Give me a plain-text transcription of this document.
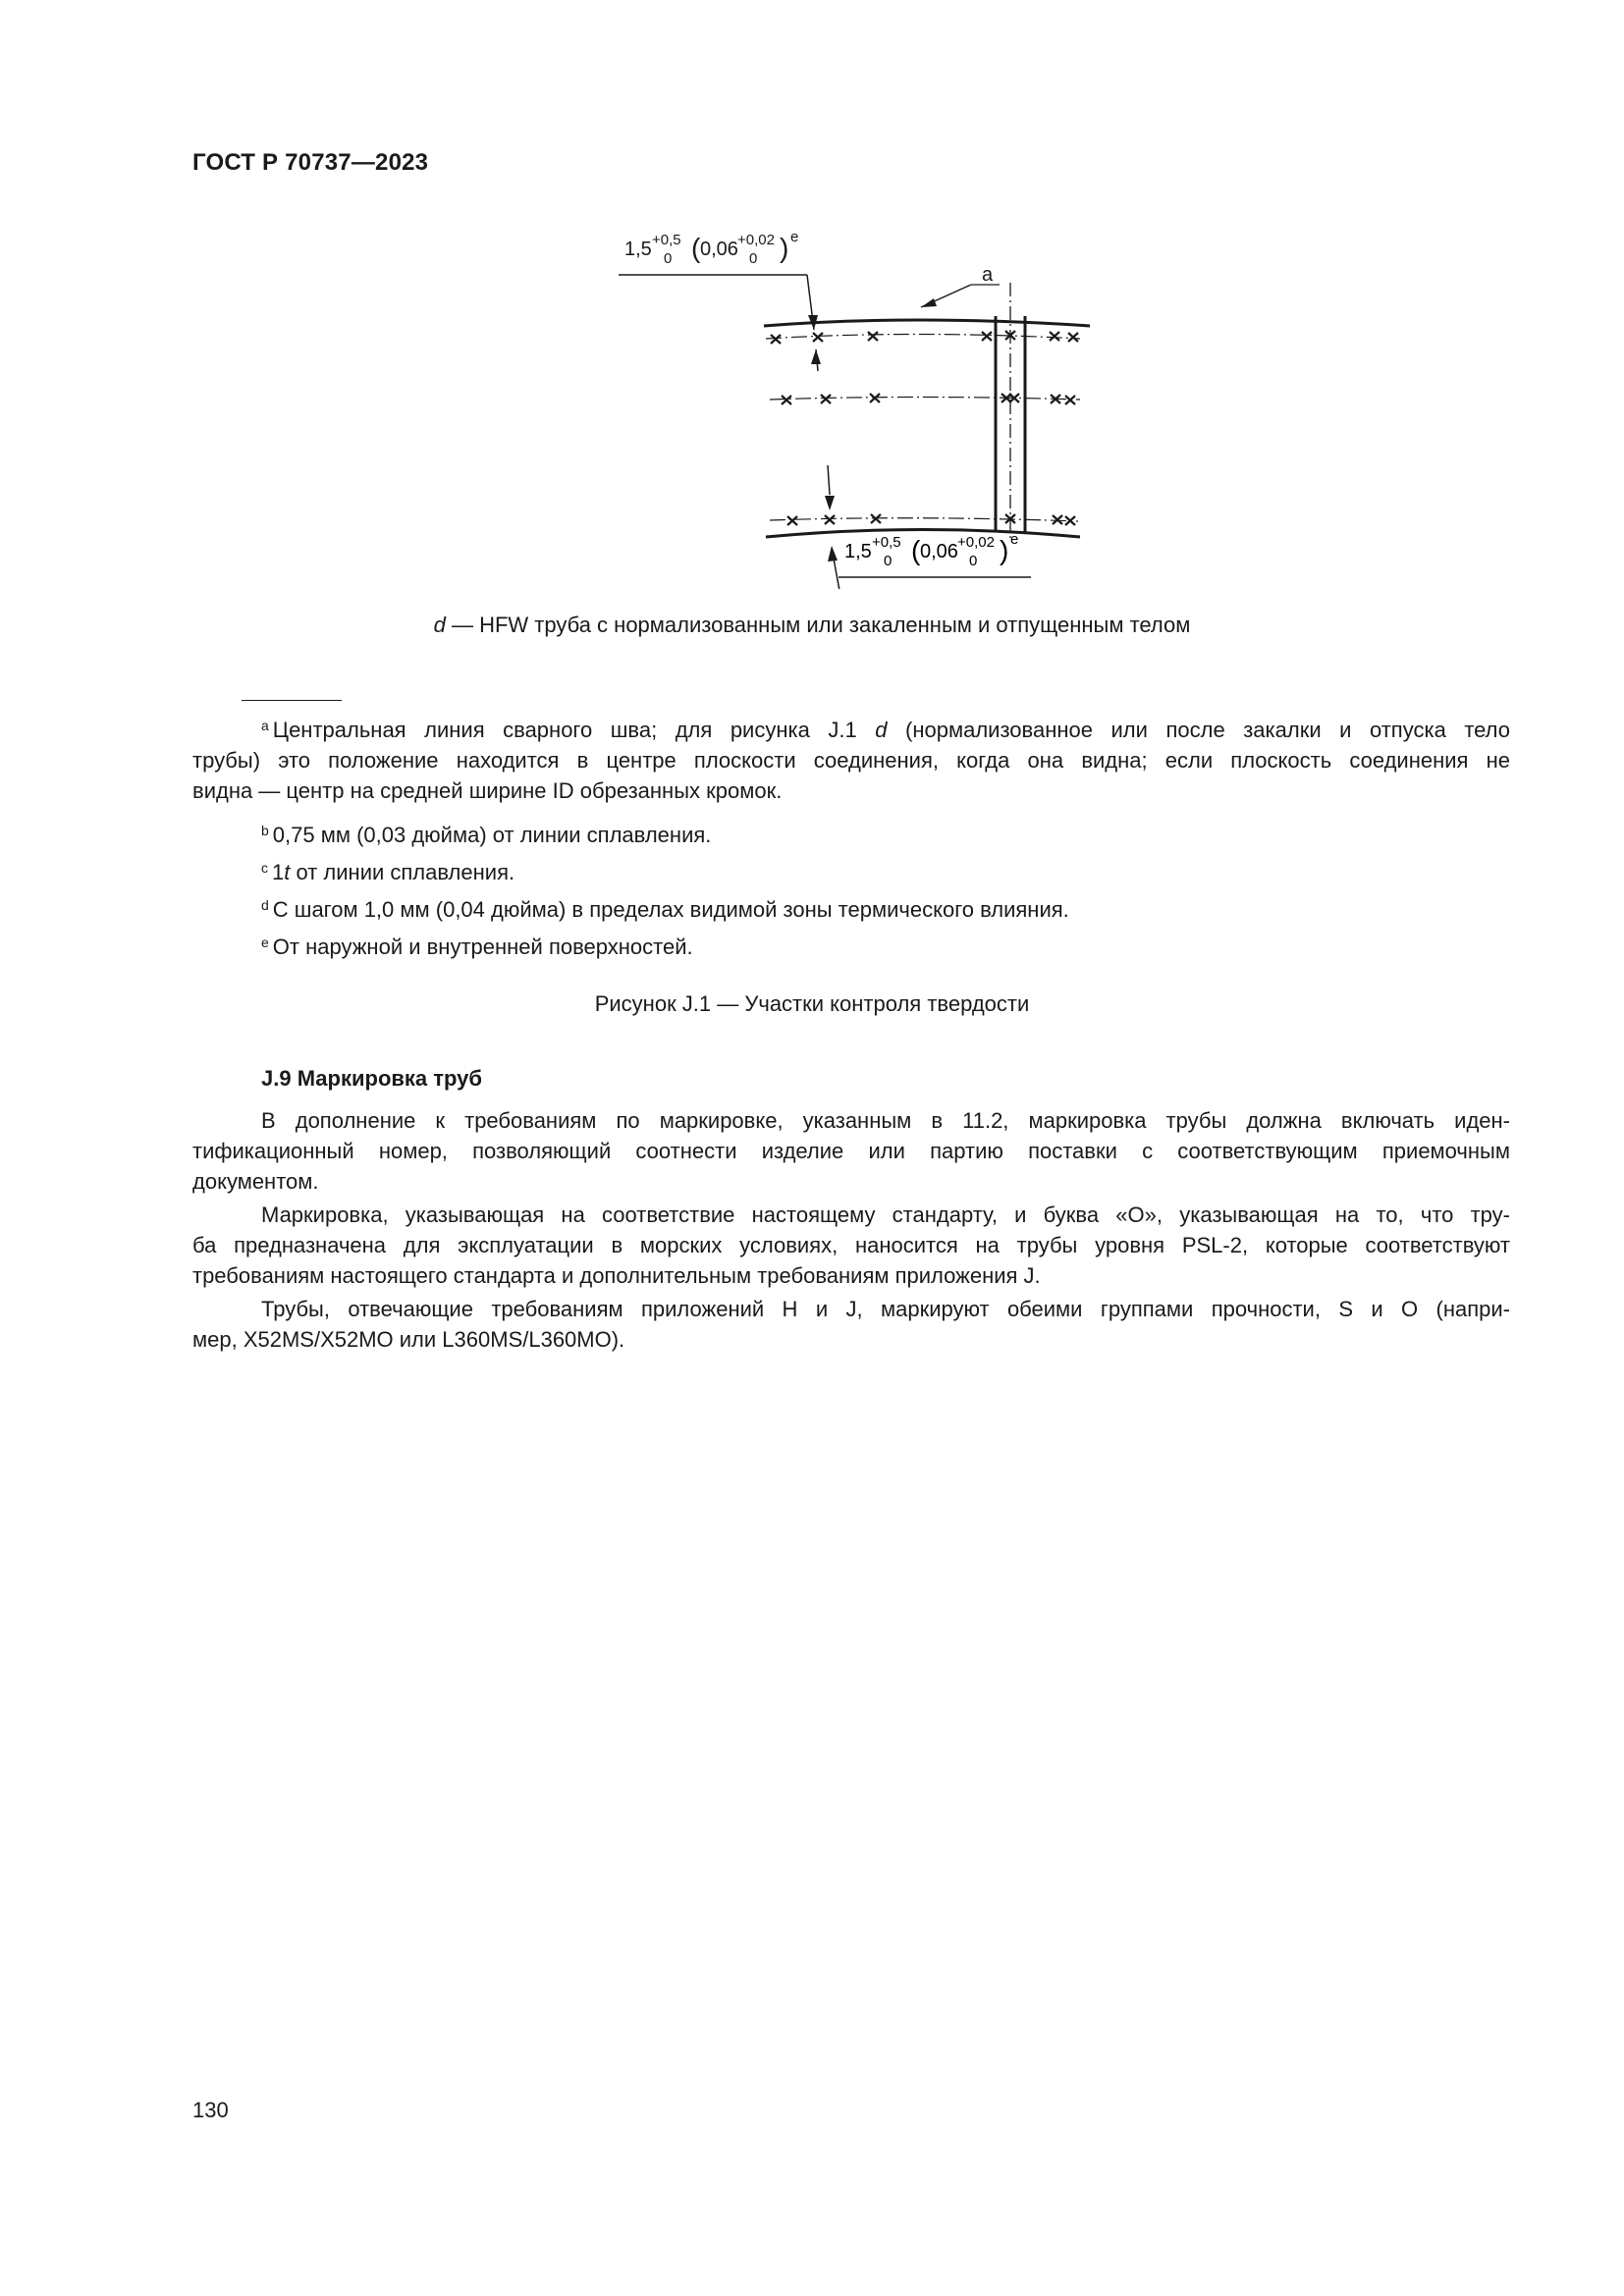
ГОСТ Р 70737—2023
1,5 +0,5
0 ( 0,06 +0,02
0 ) e
a
1,5 +0,5
0 ( 0,06 +0,02
0 ) e
d — HFW труба с нормализованным или закаленным и отпущенным телом
$^a$ Центральная линия сварного шва; для рисунка J.1 d (нормализованное или после закалки и отпуска тело
трубы) это положение находится в центре плоскости соединения, когда она видна; если плоскость соединения не
видна — центр на средней ширине ID обрезанных кромок.
$^b$ 0,75 мм (0,03 дюйма) от линии сплавления.
$^c$ 1t от линии сплавления.
$^d$ С шагом 1,0 мм (0,04 дюйма) в пределах видимой зоны термического влияния.
$^e$ От наружной и внутренней поверхностей.
Рисунок J.1 — Участки контроля твердости
J.9 Маркировка труб
В дополнение к требованиям по маркировке, указанным в 11.2, маркировка трубы должна включать иден-
тификационный номер, позволяющий соотнести изделие или партию поставки с соответствующим приемочным
документом.
Маркировка, указывающая на соответствие настоящему стандарту, и буква «O», указывающая на то, что тру-
ба предназначена для эксплуатации в морских условиях, наносится на трубы уровня PSL-2, которые соответствуют
требованиям настоящего стандарта и дополнительным требованиям приложения J.
Трубы, отвечающие требованиям приложений H и J, маркируют обеими группами прочности, S и O (напри-
мер, X52MS/X52MO или L360MS/L360MO).
130
